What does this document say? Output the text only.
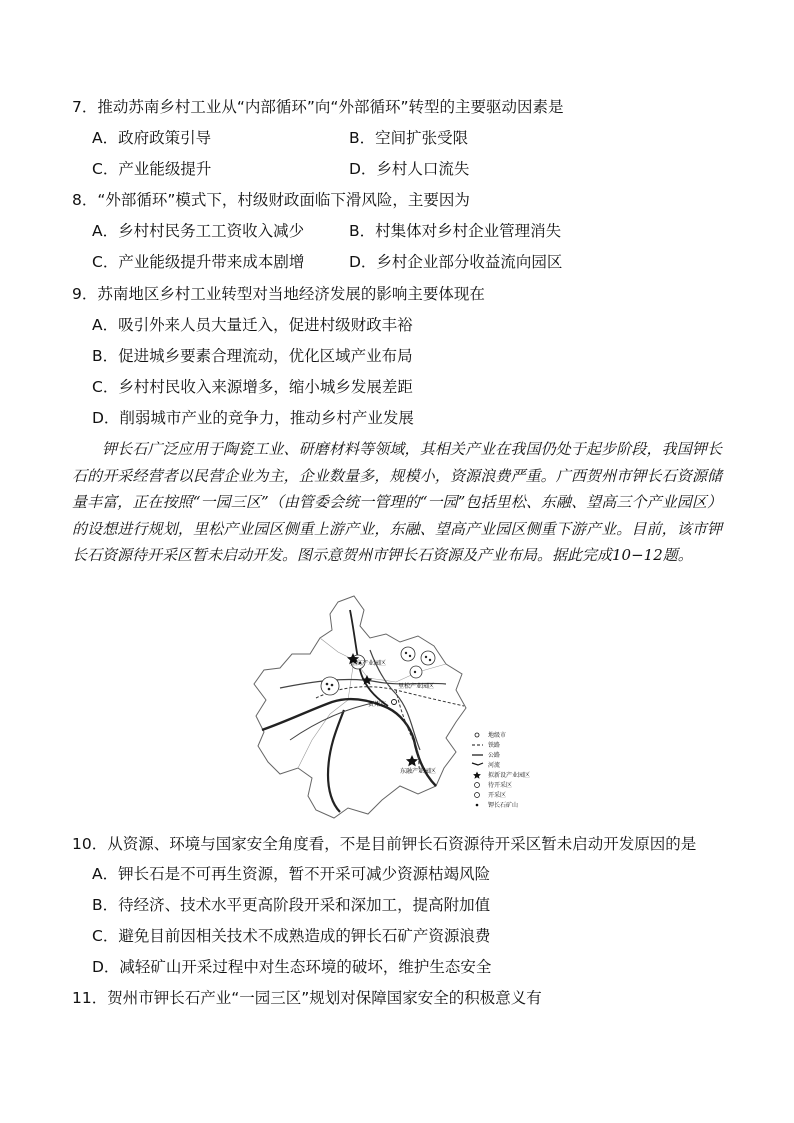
7．推动苏南乡村工业从“内部循环”向“外部循环”转型的主要驱动因素是
A．政府政策引导	B．空间扩张受限
C．产业能级提升	D．乡村人口流失
8．“外部循环”模式下，村级财政面临下滑风险，主要因为
A．乡村村民务工工资收入减少	B．村集体对乡村企业管理消失
C．产业能级提升带来成本剧增	D．乡村企业部分收益流向园区
9．苏南地区乡村工业转型对当地经济发展的影响主要体现在
A．吸引外来人员大量迁入，促进村级财政丰裕
B．促进城乡要素合理流动，优化区域产业布局
C．乡村村民收入来源增多，缩小城乡发展差距
D．削弱城市产业的竞争力，推动乡村产业发展
钾长石广泛应用于陶瓷工业、研磨材料等领域，其相关产业在我国仍处于起步阶段，我国钾长石的开采经营者以民营企业为主，企业数量多，规模小，资源浪费严重。广西贺州市钾长石资源储量丰富，正在按照“一园三区”（由管委会统一管理的“一园”包括里松、东融、望高三个产业园区）的设想进行规划，里松产业园区侧重上游产业，东融、望高产业园区侧重下游产业。目前，该市钾长石资源待开采区暂未启动开发。图示意贺州市钾长石资源及产业布局。据此完成10−12题。
望高产业园区
里松产业园区
贺州市
东融产业园区
地级市
铁路
公路
河流
拟新设产业园区
待开采区
开采区
钾长石矿山
10．从资源、环境与国家安全角度看，不是目前钾长石资源待开采区暂未启动开发原因的是
A．钾长石是不可再生资源，暂不开采可减少资源枯竭风险
B．待经济、技术水平更高阶段开采和深加工，提高附加值
C．避免目前因相关技术不成熟造成的钾长石矿产资源浪费
D．减轻矿山开采过程中对生态环境的破坏，维护生态安全
11．贺州市钾长石产业“一园三区”规划对保障国家安全的积极意义有
